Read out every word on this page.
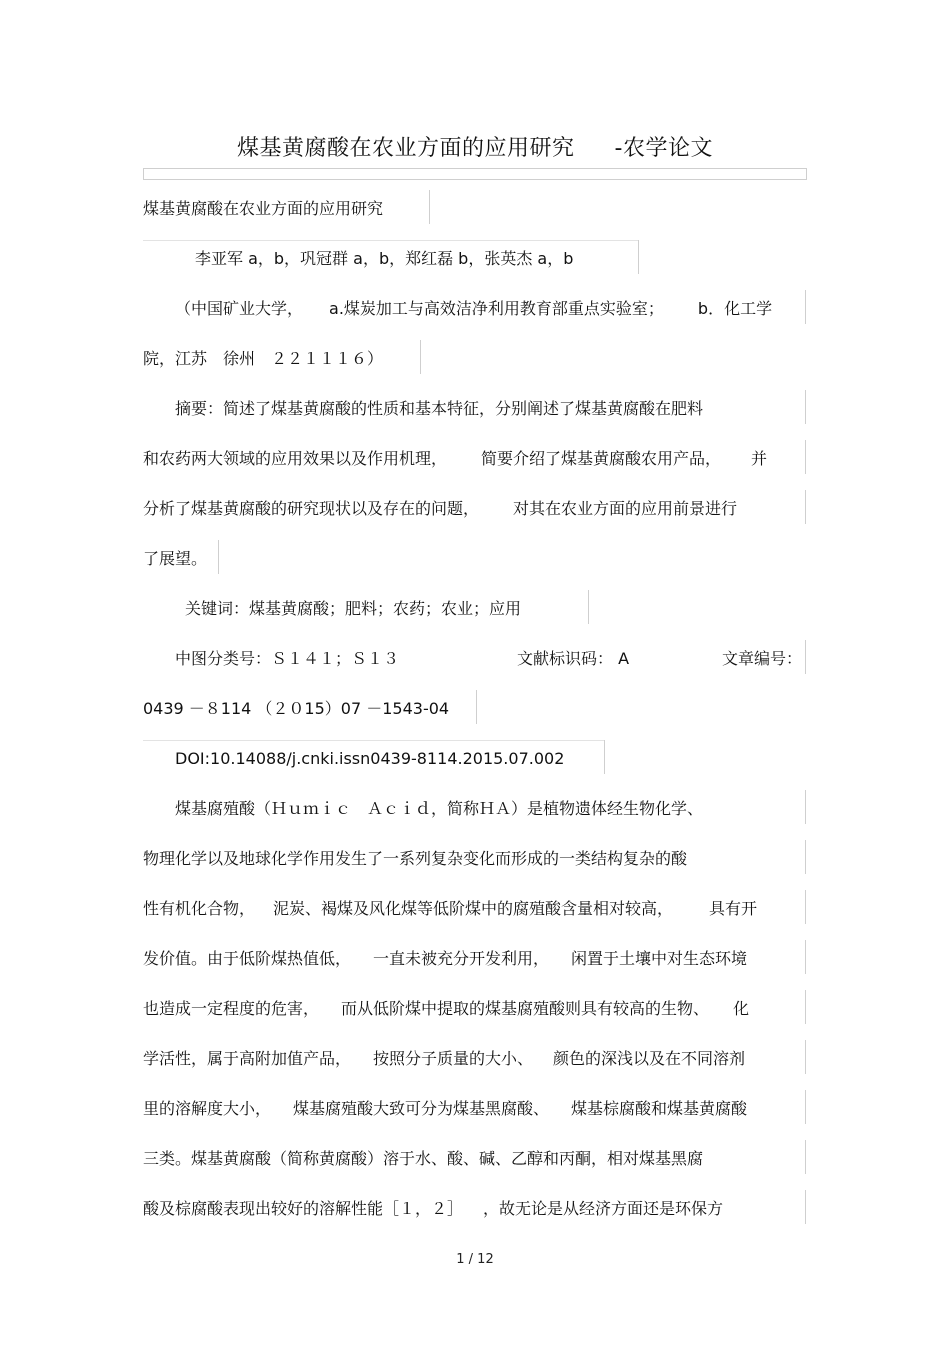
煤基黄腐酸在农业方面的应用研究 -农学论文
煤基黄腐酸在农业方面的应用研究
李亚军 a，b，巩冠群 a，b，郑红磊 b，张英杰 a，b
（中国矿业大学， a.煤炭加工与高效洁净利用教育部重点实验室； b．化工学
院，江苏　徐州　２２１１１６）
摘要：简述了煤基黄腐酸的性质和基本特征，分别阐述了煤基黄腐酸在肥料
和农药两大领域的应用效果以及作用机理， 简要介绍了煤基黄腐酸农用产品， 并
分析了煤基黄腐酸的研究现状以及存在的问题， 对其在农业方面的应用前景进行
了展望。
关键词：煤基黄腐酸；肥料；农药；农业；应用
中图分类号：Ｓ１４１；Ｓ１３	文献标识码： A	文章编号：
0439 －８114 （２０15）07 －1543-04
DOI:10.14088/j.cnki.issn0439-8114.2015.07.002
煤基腐殖酸（Ｈｕｍｉｃ　Ａｃｉｄ，简称ＨＡ）是植物遗体经生物化学、
物理化学以及地球化学作用发生了一系列复杂变化而形成的一类结构复杂的酸
性有机化合物， 泥炭、褐煤及风化煤等低阶煤中的腐殖酸含量相对较高， 具有开
发价值。由于低阶煤热值低， 一直未被充分开发利用， 闲置于土壤中对生态环境
也造成一定程度的危害， 而从低阶煤中提取的煤基腐殖酸则具有较高的生物、 化
学活性，属于高附加值产品， 按照分子质量的大小、 颜色的深浅以及在不同溶剂
里的溶解度大小， 煤基腐殖酸大致可分为煤基黑腐酸、 煤基棕腐酸和煤基黄腐酸
三类。煤基黄腐酸（简称黄腐酸）溶于水、酸、碱、乙醇和丙酮，相对煤基黑腐
酸及棕腐酸表现出较好的溶解性能［１，２］ ，故无论是从经济方面还是环保方
1 / 12
